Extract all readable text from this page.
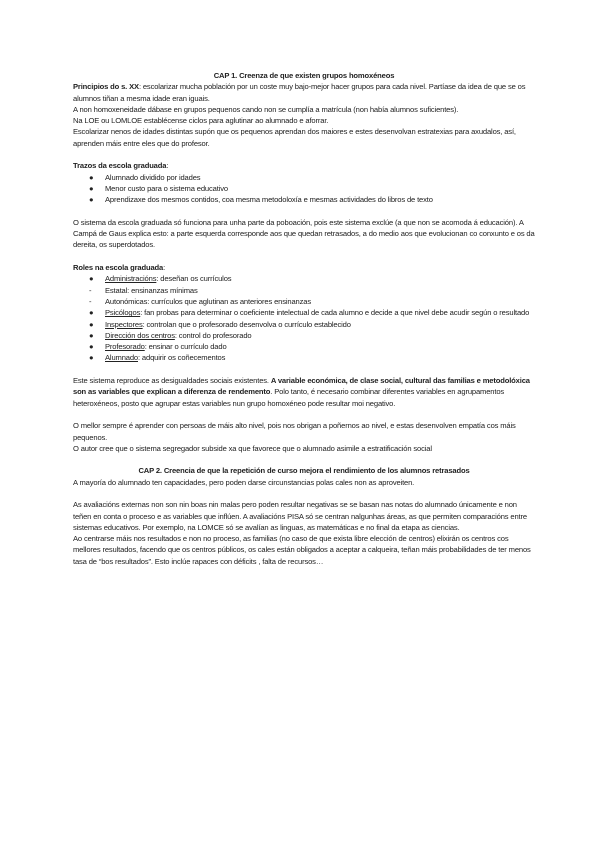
CAP 1. Creenza de que existen grupos homoxéneos

Principios do s. XX: escolarizar mucha población por un coste muy bajo-mejor hacer grupos para cada nivel. Partíase da idea de que se os alumnos tiñan a mesma idade eran iguais.

A non homoxeneidade dábase en grupos pequenos cando non se cumplía a matrícula (non había alumnos suficientes).

Na LOE ou LOMLOE establécense ciclos para aglutinar ao alumnado e aforrar.

Escolarizar nenos de idades distintas supón que os pequenos aprendan dos maiores e estes desenvolvan estratexias para axudalos, así, aprenden máis entre eles que do profesor.

Trazos da escola graduada:

● Alumnado dividido por idades
● Menor custo para o sistema educativo
● Aprendizaxe dos mesmos contidos, coa mesma metodoloxía e mesmas actividades do libros de texto

O sistema da escola graduada só funciona para unha parte da poboación, pois este sistema exclúe (a que non se acomoda á educación). A Campá de Gaus explica esto: a parte esquerda corresponde aos que quedan retrasados, a do medio aos que evolucionan co conxunto e os da dereita, os superdotados.

Roles na escola graduada:

● Administracións: deseñan os currículos
- Estatal: ensinanzas mínimas
- Autonómicas: currículos que aglutinan as anteriores ensinanzas
● Psicólogos: fan probas para determinar o coeficiente intelectual de cada alumno e decide a que nivel debe acudir según o resultado
● Inspectores: controlan que o profesorado desenvolva o currículo establecido
● Dirección dos centros: control do profesorado
● Profesorado: ensinar o currículo dado
● Alumnado: adquirir os coñecementos

Este sistema reproduce as desigualdades sociais existentes. A variable económica, de clase social, cultural das familias e metodolóxica son as variables que explican a diferenza de rendemento. Polo tanto, é necesario combinar diferentes variables en agrupamentos heteroxéneos, posto que agrupar estas variables nun grupo homoxéneo pode resultar moi negativo.

O mellor sempre é aprender con persoas de máis alto nivel, pois nos obrigan a poñernos ao nivel, e estas desenvolven empatía cos máis pequenos.

O autor cree que o sistema segregador subside xa que favorece que o alumnado asimile a estratificación social

CAP 2. Creencia de que la repetición de curso mejora el rendimiento de los alumnos retrasados

A mayoría do alumnado ten capacidades, pero poden darse circunstancias polas cales non as aproveiten.

As avaliacións externas non son nin boas nin malas pero poden resultar negativas se se basan nas notas do alumnado únicamente e non teñen en conta o proceso e as variables que inflúen. A avaliacións PISA só se centran nalgunhas áreas, as que permiten comparacións entre sistemas educativos. Por exemplo, na LOMCE só se avalían as linguas, as matemáticas e no final da etapa as ciencias.

Ao centrarse máis nos resultados e non no proceso, as familias (no caso de que exista libre elección de centros) elixirán os centros cos mellores resultados, facendo que os centros públicos, os cales están obligados a aceptar a calqueira, teñan máis probabilidades de ter menos tasa de “bos resultados”. Esto inclúe rapaces con déficits , falta de recursos…
